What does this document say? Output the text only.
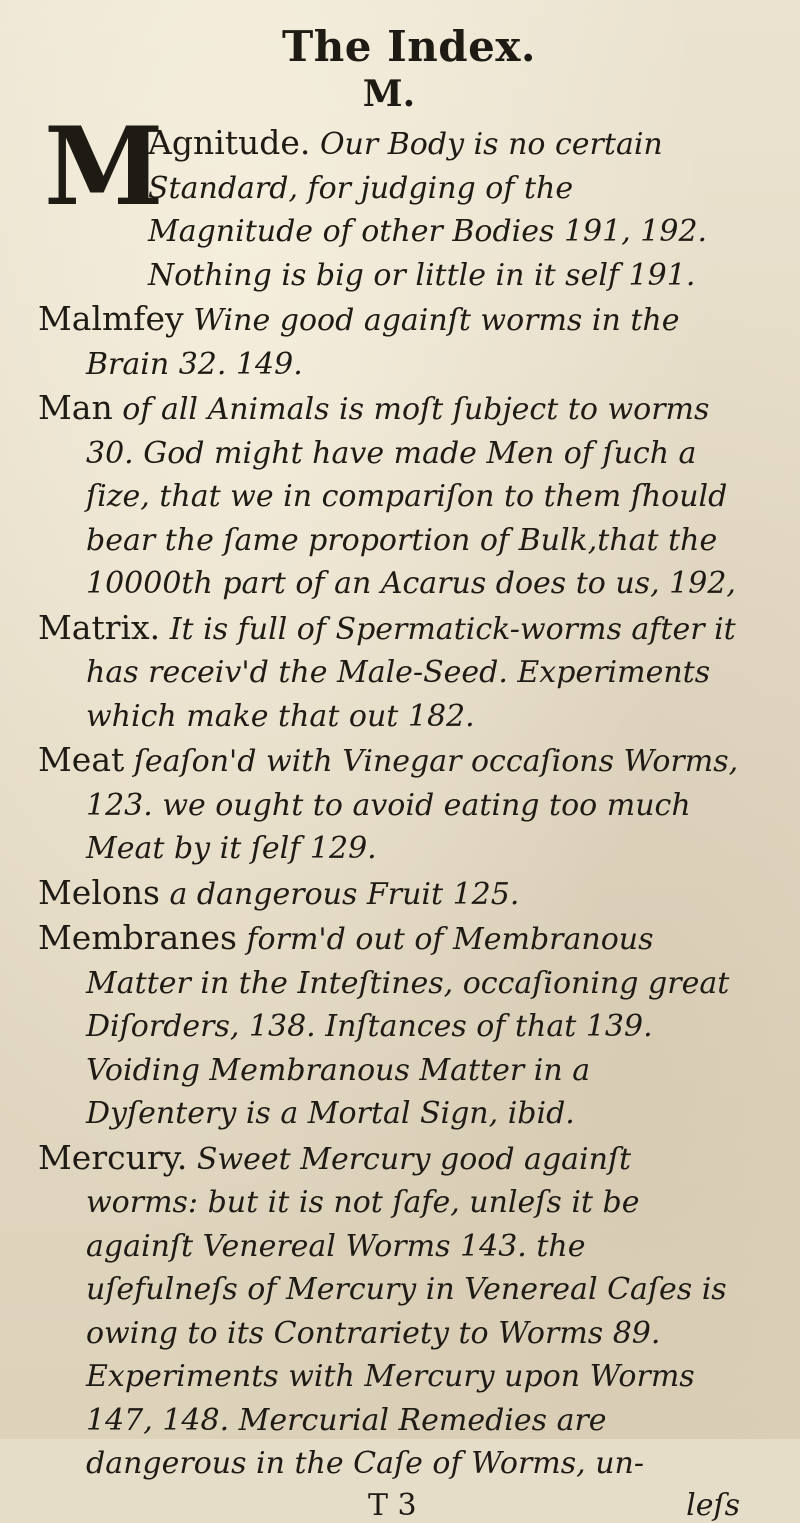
The Index.
M.

M
Agnitude. Our Body is no certain Standard, for judging of the Magnitude of other Bodies 191, 192. Nothing is big or little in it self 191.

Malmfey Wine good againſt worms in the Brain 32. 149.

Man of all Animals is moſt ſubject to worms 30. God might have made Men of ſuch a ſize, that we in compariſon to them ſhould bear the ſame proportion of Bulk,that the 10000th part of an Acarus does to us, 192,

Matrix. It is full of Spermatick-worms after it has receiv'd the Male-Seed. Experiments which make that out 182.

Meat ſeaſon'd with Vinegar occaſions Worms, 123. we ought to avoid eating too much Meat by it ſelf 129.

Melons a dangerous Fruit 125.

Membranes form'd out of Membranous Matter in the Inteſtines, occaſioning great Diſorders, 138. Inſtances of that 139. Voiding Membranous Matter in a Dyſentery is a Mortal Sign, ibid.

Mercury. Sweet Mercury good againſt worms: but it is not ſafe, unleſs it be againſt Venereal Worms 143. the uſefulneſs of Mercury in Venereal Caſes is owing to its Contrariety to Worms 89. Experiments with Mercury upon Worms 147, 148. Mercurial Remedies are dangerous in the Caſe of Worms, un-

T 3	leſs
